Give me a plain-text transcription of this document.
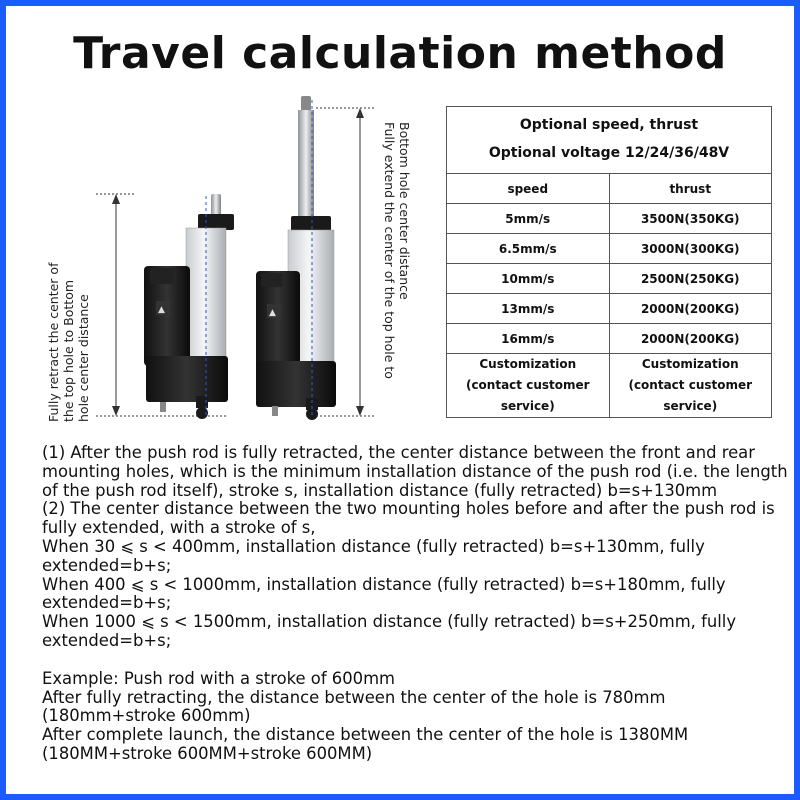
Travel calculation method
▲	▲
Fully retract the center of the top hole to Bottom hole center distance
Bottom hole center distance
Fully extend the center of the top hole to	Optional speed, thrust
Optional voltage 12/24/36/48V
speed	thrust
5mm/s	3500N(350KG)
6.5mm/s	3000N(300KG)
10mm/s	2500N(250KG)
13mm/s	2000N(200KG)
16mm/s	2000N(200KG)

Customization
(contact customer
service)	Customization
(contact customer
service)

(1) After the push rod is fully retracted, the center distance between the front and rear mounting holes, which is the minimum installation distance of the push rod (i.e. the length of the push rod itself), stroke s, installation distance (fully retracted) b=s+130mm

(2) The center distance between the two mounting holes before and after the push rod is fully extended, with a stroke of s,

When 30 ⩽ s < 400mm, installation distance (fully retracted) b=s+130mm, fully extended=b+s;

When 400 ⩽ s < 1000mm, installation distance (fully retracted) b=s+180mm, fully extended=b+s;

When 1000 ⩽ s < 1500mm, installation distance (fully retracted) b=s+250mm, fully extended=b+s;

Example: Push rod with a stroke of 600mm

After fully retracting, the distance between the center of the hole is 780mm (180mm+stroke 600mm)

After complete launch, the distance between the center of the hole is 1380MM (180MM+stroke 600MM+stroke 600MM)
